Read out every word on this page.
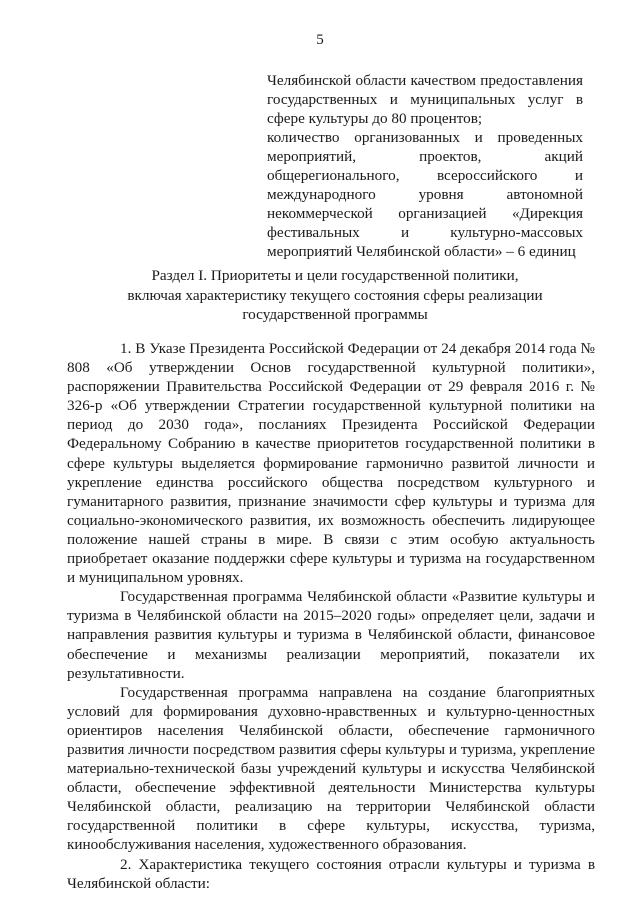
5

Челябинской области качеством предоставления государственных и муниципальных услуг в сфере культуры до 80 процентов;

количество организованных и проведенных мероприятий, проектов, акций общерегионального, всероссийского и международного уровня автономной некоммерческой организацией «Дирекция фестивальных и культурно-массовых мероприятий Челябинской области» – 6 единиц

Раздел I. Приоритеты и цели государственной политики,
включая характеристику текущего состояния сферы реализации
государственной программы

1. В Указе Президента Российской Федерации от 24 декабря 2014 года № 808 «Об утверждении Основ государственной культурной политики», распоряжении Правительства Российской Федерации от 29 февраля 2016 г. № 326-р «Об утверждении Стратегии государственной культурной политики на период до 2030 года», посланиях Президента Российской Федерации Федеральному Собранию в качестве приоритетов государственной политики в сфере культуры выделяется формирование гармонично развитой личности и укрепление единства российского общества посредством культурного и гуманитарного развития, признание значимости сфер культуры и туризма для социально-экономического развития, их возможность обеспечить лидирующее положение нашей страны в мире. В связи с этим особую актуальность приобретает оказание поддержки сфере культуры и туризма на государственном и муниципальном уровнях.

Государственная программа Челябинской области «Развитие культуры и туризма в Челябинской области на 2015–2020 годы» определяет цели, задачи и направления развития культуры и туризма в Челябинской области, финансовое обеспечение и механизмы реализации мероприятий, показатели их результативности.

Государственная программа направлена на создание благоприятных условий для формирования духовно-нравственных и культурно-ценностных ориентиров населения Челябинской области, обеспечение гармоничного развития личности посредством развития сферы культуры и туризма, укрепление материально-технической базы учреждений культуры и искусства Челябинской области, обеспечение эффективной деятельности Министерства культуры Челябинской области, реализацию на территории Челябинской области государственной политики в сфере культуры, искусства, туризма, кинообслуживания населения, художественного образования.

2. Характеристика текущего состояния отрасли культуры и туризма в Челябинской области:
